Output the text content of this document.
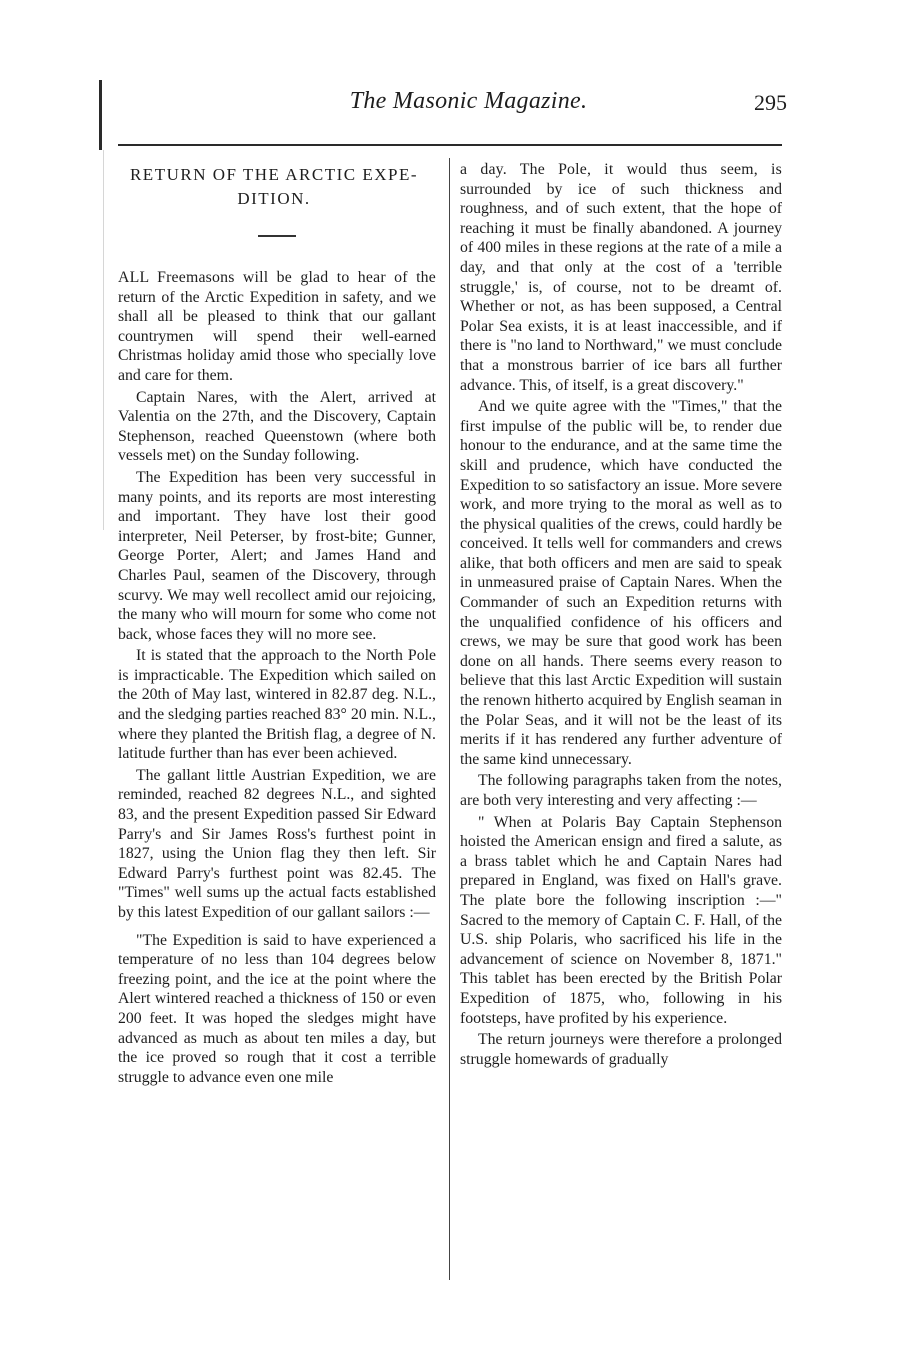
The Masonic Magazine.	295
RETURN OF THE ARCTIC EXPE-DITION.

ALL Freemasons will be glad to hear of the return of the Arctic Expedition in safety, and we shall all be pleased to think that our gallant countrymen will spend their well-earned Christmas holiday amid those who specially love and care for them.

Captain Nares, with the Alert, arrived at Valentia on the 27th, and the Discovery, Captain Stephenson, reached Queenstown (where both vessels met) on the Sunday following.

The Expedition has been very successful in many points, and its reports are most interesting and important. They have lost their good interpreter, Neil Peterser, by frost-bite; Gunner, George Porter, Alert; and James Hand and Charles Paul, seamen of the Discovery, through scurvy. We may well recollect amid our rejoicing, the many who will mourn for some who come not back, whose faces they will no more see.

It is stated that the approach to the North Pole is impracticable. The Expedition which sailed on the 20th of May last, wintered in 82.87 deg. N.L., and the sledging parties reached 83° 20 min. N.L., where they planted the British flag, a degree of N. latitude further than has ever been achieved.

The gallant little Austrian Expedition, we are reminded, reached 82 degrees N.L., and sighted 83, and the present Expedition passed Sir Edward Parry's and Sir James Ross's furthest point in 1827, using the Union flag they then left. Sir Edward Parry's furthest point was 82.45. The "Times" well sums up the actual facts established by this latest Expedition of our gallant sailors :—

"The Expedition is said to have experienced a temperature of no less than 104 degrees below freezing point, and the ice at the point where the Alert wintered reached a thickness of 150 or even 200 feet. It was hoped the sledges might have advanced as much as about ten miles a day, but the ice proved so rough that it cost a terrible struggle to advance even one mile

a day. The Pole, it would thus seem, is surrounded by ice of such thickness and roughness, and of such extent, that the hope of reaching it must be finally abandoned. A journey of 400 miles in these regions at the rate of a mile a day, and that only at the cost of a 'terrible struggle,' is, of course, not to be dreamt of. Whether or not, as has been supposed, a Central Polar Sea exists, it is at least inaccessible, and if there is "no land to Northward," we must conclude that a monstrous barrier of ice bars all further advance. This, of itself, is a great discovery."

And we quite agree with the "Times," that the first impulse of the public will be, to render due honour to the endurance, and at the same time the skill and prudence, which have conducted the Expedition to so satisfactory an issue. More severe work, and more trying to the moral as well as to the physical qualities of the crews, could hardly be conceived. It tells well for commanders and crews alike, that both officers and men are said to speak in unmeasured praise of Captain Nares. When the Commander of such an Expedition returns with the unqualified confidence of his officers and crews, we may be sure that good work has been done on all hands. There seems every reason to believe that this last Arctic Expedition will sustain the renown hitherto acquired by English seaman in the Polar Seas, and it will not be the least of its merits if it has rendered any further adventure of the same kind unnecessary.

The following paragraphs taken from the notes, are both very interesting and very affecting :—

" When at Polaris Bay Captain Stephenson hoisted the American ensign and fired a salute, as a brass tablet which he and Captain Nares had prepared in England, was fixed on Hall's grave. The plate bore the following inscription :—" Sacred to the memory of Captain C. F. Hall, of the U.S. ship Polaris, who sacrificed his life in the advancement of science on November 8, 1871." This tablet has been erected by the British Polar Expedition of 1875, who, following in his footsteps, have profited by his experience.

The return journeys were therefore a prolonged struggle homewards of gradually
